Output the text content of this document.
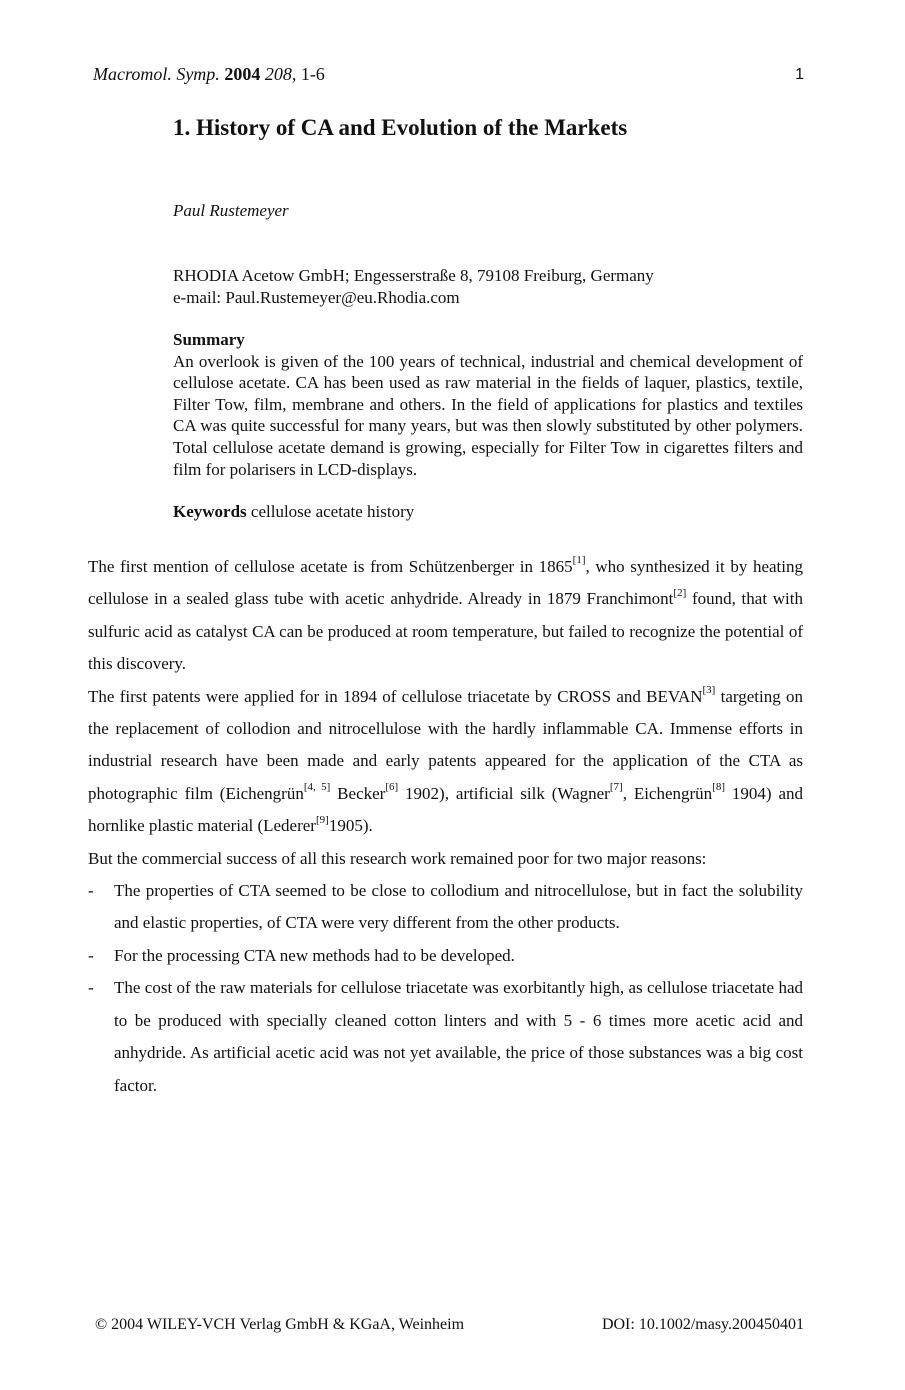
Macromol. Symp. 2004 208, 1-6	1
1. History of CA and Evolution of the Markets
Paul Rustemeyer
RHODIA Acetow GmbH; Engesserstraße 8, 79108 Freiburg, Germany
e-mail: Paul.Rustemeyer@eu.Rhodia.com
Summary
An overlook is given of the 100 years of technical, industrial and chemical development of cellulose acetate. CA has been used as raw material in the fields of laquer, plastics, textile, Filter Tow, film, membrane and others. In the field of applications for plastics and textiles CA was quite successful for many years, but was then slowly substituted by other polymers. Total cellulose acetate demand is growing, especially for Filter Tow in cigarettes filters and film for polarisers in LCD-displays.
Keywords cellulose acetate history

The first mention of cellulose acetate is from Schützenberger in 1865[1], who synthesized it by heating cellulose in a sealed glass tube with acetic anhydride. Already in 1879 Franchimont[2] found, that with sulfuric acid as catalyst CA can be produced at room temperature, but failed to recognize the potential of this discovery.

The first patents were applied for in 1894 of cellulose triacetate by CROSS and BEVAN[3] targeting on the replacement of collodion and nitrocellulose with the hardly inflammable CA. Immense efforts in industrial research have been made and early patents appeared for the application of the CTA as photographic film (Eichengrün[4, 5] Becker[6] 1902), artificial silk (Wagner[7], Eichengrün[8] 1904) and hornlike plastic material (Lederer[9]1905).

But the commercial success of all this research work remained poor for two major reasons:

-	The properties of CTA seemed to be close to collodium and nitrocellulose, but in fact the solubility and elastic properties, of CTA were very different from the other products.
-	For the processing CTA new methods had to be developed.
-	The cost of the raw materials for cellulose triacetate was exorbitantly high, as cellulose triacetate had to be produced with specially cleaned cotton linters and with 5 - 6 times more acetic acid and anhydride. As artificial acetic acid was not yet available, the price of those substances was a big cost factor.
© 2004 WILEY-VCH Verlag GmbH & KGaA, Weinheim	DOI: 10.1002/masy.200450401
